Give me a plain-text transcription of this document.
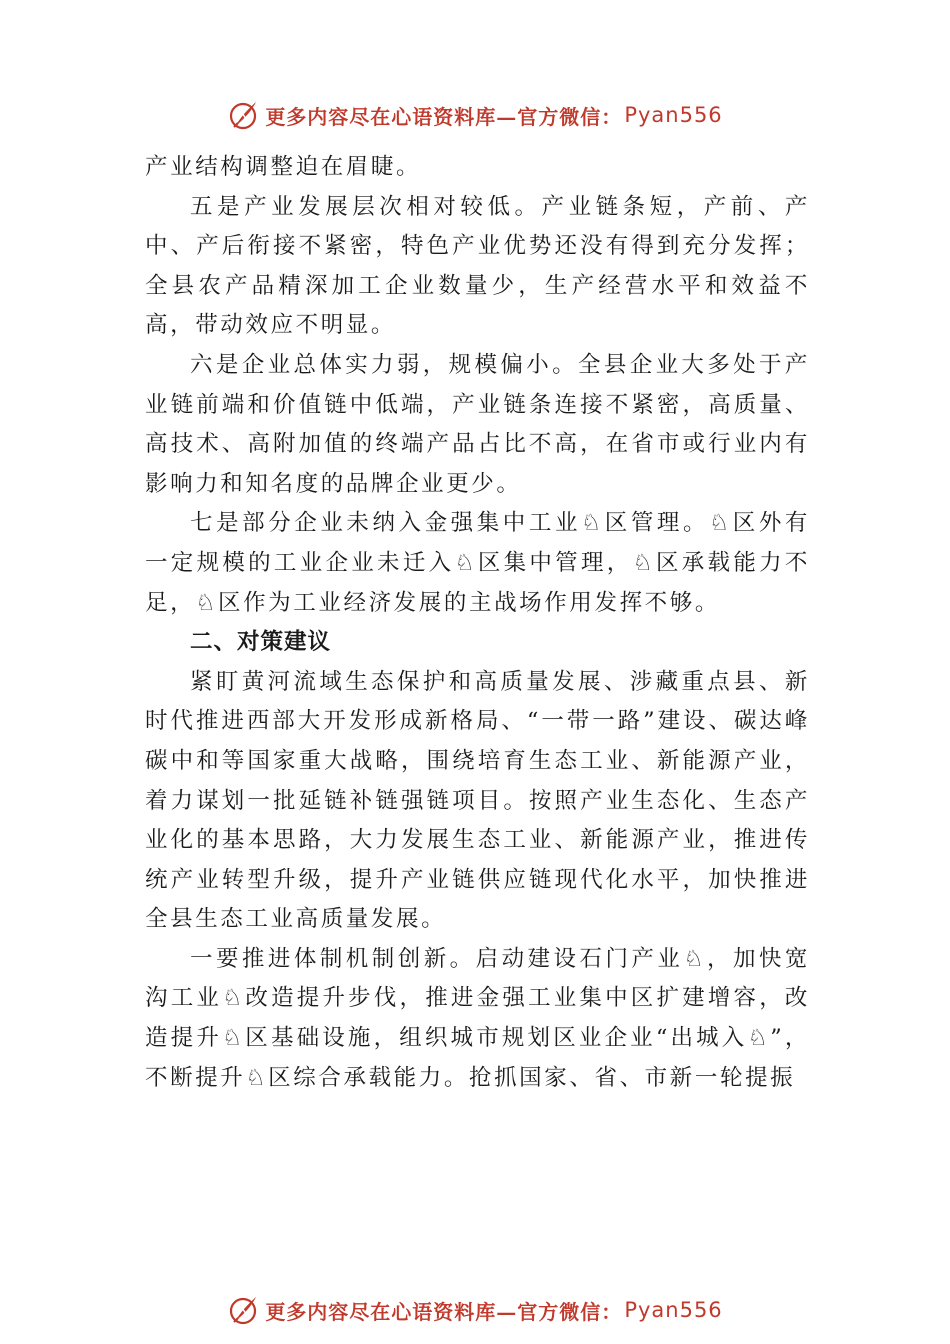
更多内容尽在心语资料库—官方微信： Pyan556

产业结构调整迫在眉睫。

五是产业发展层次相对较低。产业链条短，产前、产中、产后衔接不紧密，特色产业优势还没有得到充分发挥；全县农产品精深加工企业数量少，生产经营水平和效益不高，带动效应不明显。

六是企业总体实力弱，规模偏小。全县企业大多处于产业链前端和价值链中低端，产业链条连接不紧密，高质量、 高技术、高附加值的终端产品占比不高，在省市或行业内有影响力和知名度的品牌企业更少。

七是部分企业未纳入金强集中工业♘区管理。♘区外有一定规模的工业企业未迁入♘区集中管理，♘区承载能力不足，♘区作为工业经济发展的主战场作用发挥不够。

二、对策建议

紧盯黄河流域生态保护和高质量发展、涉藏重点县、新时代推进西部大开发形成新格局、“一带一路”建设、碳达峰碳中和等国家重大战略，围绕培育生态工业、新能源产业，着力谋划一批延链补链强链项目。按照产业生态化、生态产业化的基本思路，大力发展生态工业、新能源产业，推进传统产业转型升级，提升产业链供应链现代化水平，加快推进全县生态工业高质量发展。

一要推进体制机制创新。启动建设石门产业♘，加快宽沟工业♘改造提升步伐，推进金强工业集中区扩建增容，改造提升♘区基础设施，组织城市规划区业企业“出城入♘”，不断提升♘区综合承载能力。抢抓国家、省、市新一轮提振

更多内容尽在心语资料库—官方微信： Pyan556
